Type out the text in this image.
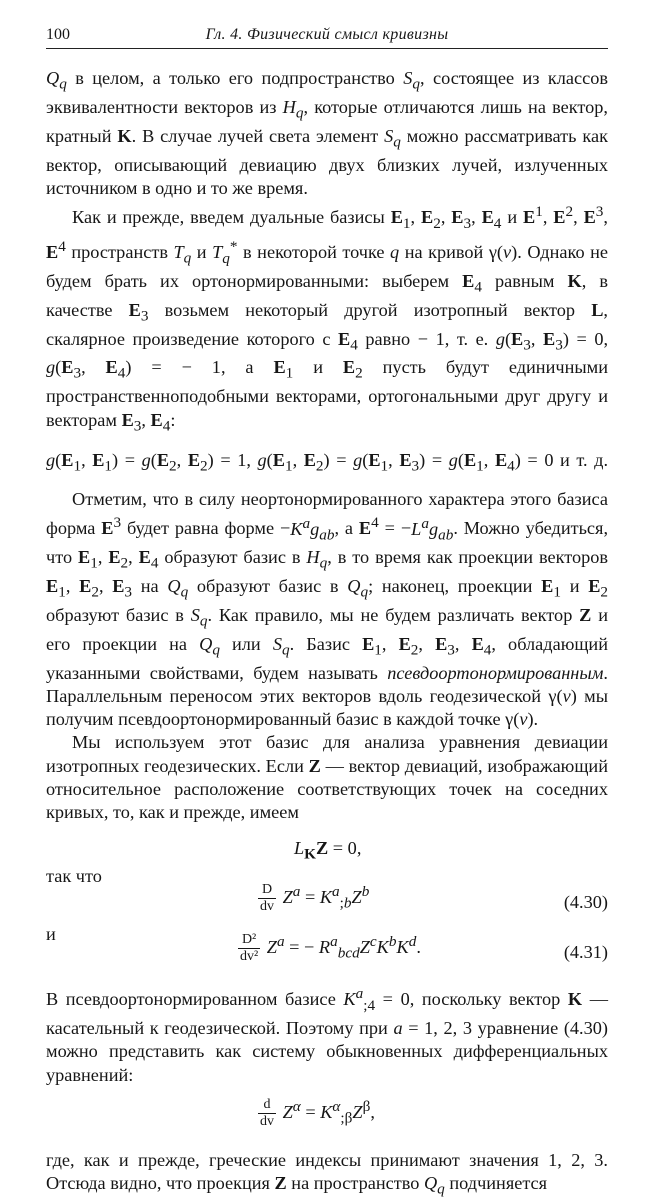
100	Гл. 4. Физический смысл кривизны
$Q_q$ в целом, а только его подпространство $S_q$, состоящее из классов эквивалентности векторов из $H_q$, которые отличаются лишь на вектор, кратный K. В случае лучей света элемент $S_q$ можно рассматривать как вектор, описывающий девиацию двух близких лучей, излученных источником в одно и то же время.
Как и прежде, введем дуальные базисы $E_1$, $E_2$, $E_3$, $E_4$ и $E^1$, $E^2$, $E^3$, $E^4$ пространств $T_q$ и $T_q^*$ в некоторой точке q на кривой γ(v). Однако не будем брать их ортонормированными: выберем $E_4$ равным K, в качестве $E_3$ возьмем некоторый другой изотропный вектор L, скалярное произведение которого с $E_4$ равно − 1, т. е. $g(E_3$, $E_3) = 0$, $g(E_3$, $E_4$) = − 1, а $E_1$ и $E_2$ пусть будут единичными пространственноподобными векторами, ортогональными друг другу и векторам $E_3$, $E_4$:
$g(E_1$, $E_1) = g(E_2$, $E_2) = 1$, $g(E_1$, $E_2) = g(E_1$, $E_3) = g(E_1$, $E_4) = 0$ и т. д.
Отметим, что в силу неортонормированного характера этого базиса форма $E^3$ будет равна форме $-K^ag_{ab}$, а $E^4 = -L^ag_{ab}$. Можно убедиться, что $E_1$, $E_2$, $E_4$ образуют базис в $H_q$, в то время как проекции векторов $E_1$, $E_2$, $E_3$ на $Q_q$ образуют базис в $Q_q$; наконец, проекции $E_1$ и $E_2$ образуют базис в $S_q$. Как правило, мы не будем различать вектор Z и его проекции на $Q_q$ или $S_q$. Базис $E_1$, $E_2$, $E_3$, $E_4$, обладающий указанными свойствами, будем называть псевдоортонормированным. Параллельным переносом этих векторов вдоль геодезической γ(v) мы получим псевдоортонормированный базис в каждой точке γ(v).
Мы используем этот базис для анализа уравнения девиации изотропных геодезических. Если Z — вектор девиаций, изображающий относительное расположение соответствующих точек на соседних кривых, то, как и прежде, имеем
$L_KZ = 0$,
так что
$\frac{D}{dv} Z^a = K^a_{;b}Z^b$
(4.30)
и	$\frac{\text{D²}}{\text{dv²}} Z^a$ = − $R^a_{bcd}Z^cK^bK^d$.	(4.31)
В псевдоортонормированном базисе $K^a_{;4} = 0$, поскольку вектор K — касательный к геодезической. Поэтому при a = 1, 2, 3 уравнение (4.30) можно представить как систему обыкновенных дифференциальных уравнений:
$\frac{d}{dv} Z^\alpha = K^\alpha_{;\beta}Z^\beta$,
где, как и прежде, греческие индексы принимают значения 1, 2, 3. Отсюда видно, что проекция Z на пространство $Q_q$ подчиняется
